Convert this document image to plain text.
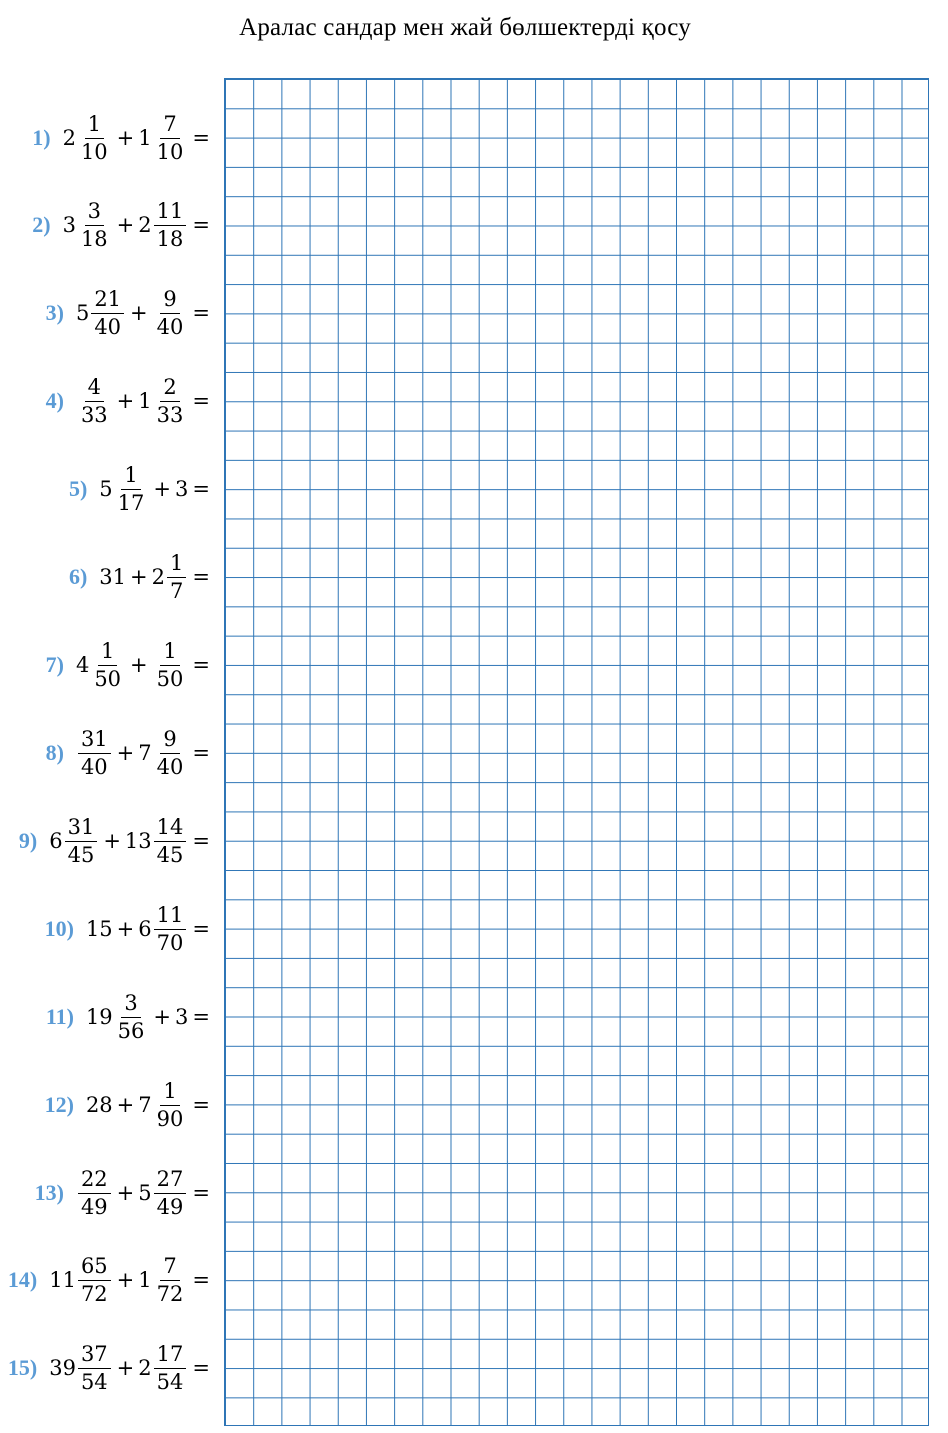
Аралас сандар мен жай бөлшектерді қосу
1) $2 \frac{1}{10} + 1 \frac{7}{10}$ =
2) $3 \frac{3}{18} + 2 \frac{11}{18}$ =
3) $5 \frac{21}{40} + \frac{9}{40}$ =
$4) \frac{4}{33} + 1 \frac{2}{33}$ =
5) $5 \frac{1}{17} + 3$ =
6) $31 + 2 \frac{1}{7}$ =
7) $4 \frac{1}{50} + \frac{1}{50}$ =
$8) \frac{31}{40} + 7 \frac{9}{40}$ =
9) $6 \frac{31}{45} + 13 \frac{14}{45}$ =
10) $15 + 6 \frac{11}{70}$ =
11) $19 \frac{3}{56} + 3$ =
12) $28 + 7 \frac{1}{90}$ =
$13) \frac{22}{49} + 5 \frac{27}{49}$ =
14) $11 \frac{65}{72} + 1 \frac{7}{72}$ =
15) $39 \frac{37}{54} + 2 \frac{17}{54}$ =
